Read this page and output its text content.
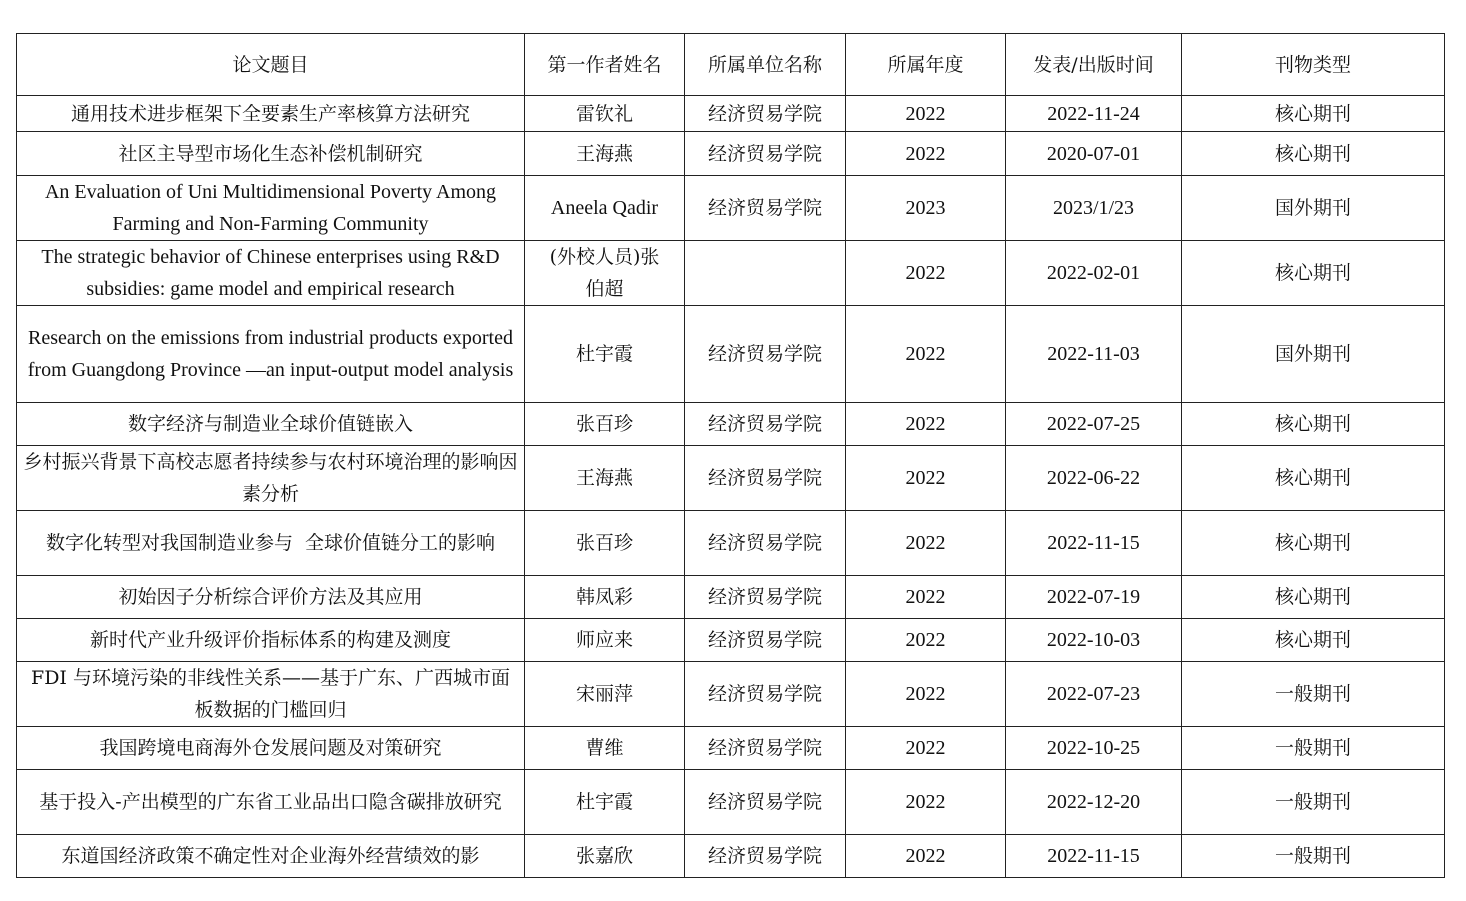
论文题目	第一作者姓名	所属单位名称	所属年度	发表/出版时间	刊物类型
通用技术进步框架下全要素生产率核算方法研究	雷钦礼	经济贸易学院	2022	2022-11-24	核心期刊
社区主导型市场化生态补偿机制研究	王海燕	经济贸易学院	2022	2020-07-01	核心期刊
An Evaluation of Uni Multidimensional Poverty Among Farming and Non-Farming Community	Aneela Qadir	经济贸易学院	2023	2023/1/23	国外期刊
The strategic behavior of Chinese enterprises using R&D subsidies: game model and empirical research	(外校人员)张伯超		2022	2022-02-01	核心期刊
Research on the emissions from industrial products exported from Guangdong Province —an input-output model analysis	杜宇霞	经济贸易学院	2022	2022-11-03	国外期刊
数字经济与制造业全球价值链嵌入	张百珍	经济贸易学院	2022	2022-07-25	核心期刊
乡村振兴背景下高校志愿者持续参与农村环境治理的影响因素分析	王海燕	经济贸易学院	2022	2022-06-22	核心期刊
数字化转型对我国制造业参与  全球价值链分工的影响	张百珍	经济贸易学院	2022	2022-11-15	核心期刊
初始因子分析综合评价方法及其应用	韩凤彩	经济贸易学院	2022	2022-07-19	核心期刊
新时代产业升级评价指标体系的构建及测度	师应来	经济贸易学院	2022	2022-10-03	核心期刊
FDI 与环境污染的非线性关系——基于广东、广西城市面板数据的门槛回归	宋丽萍	经济贸易学院	2022	2022-07-23	一般期刊
我国跨境电商海外仓发展问题及对策研究	曹维	经济贸易学院	2022	2022-10-25	一般期刊
基于投入-产出模型的广东省工业品出口隐含碳排放研究	杜宇霞	经济贸易学院	2022	2022-12-20	一般期刊
东道国经济政策不确定性对企业海外经营绩效的影	张嘉欣	经济贸易学院	2022	2022-11-15	一般期刊
